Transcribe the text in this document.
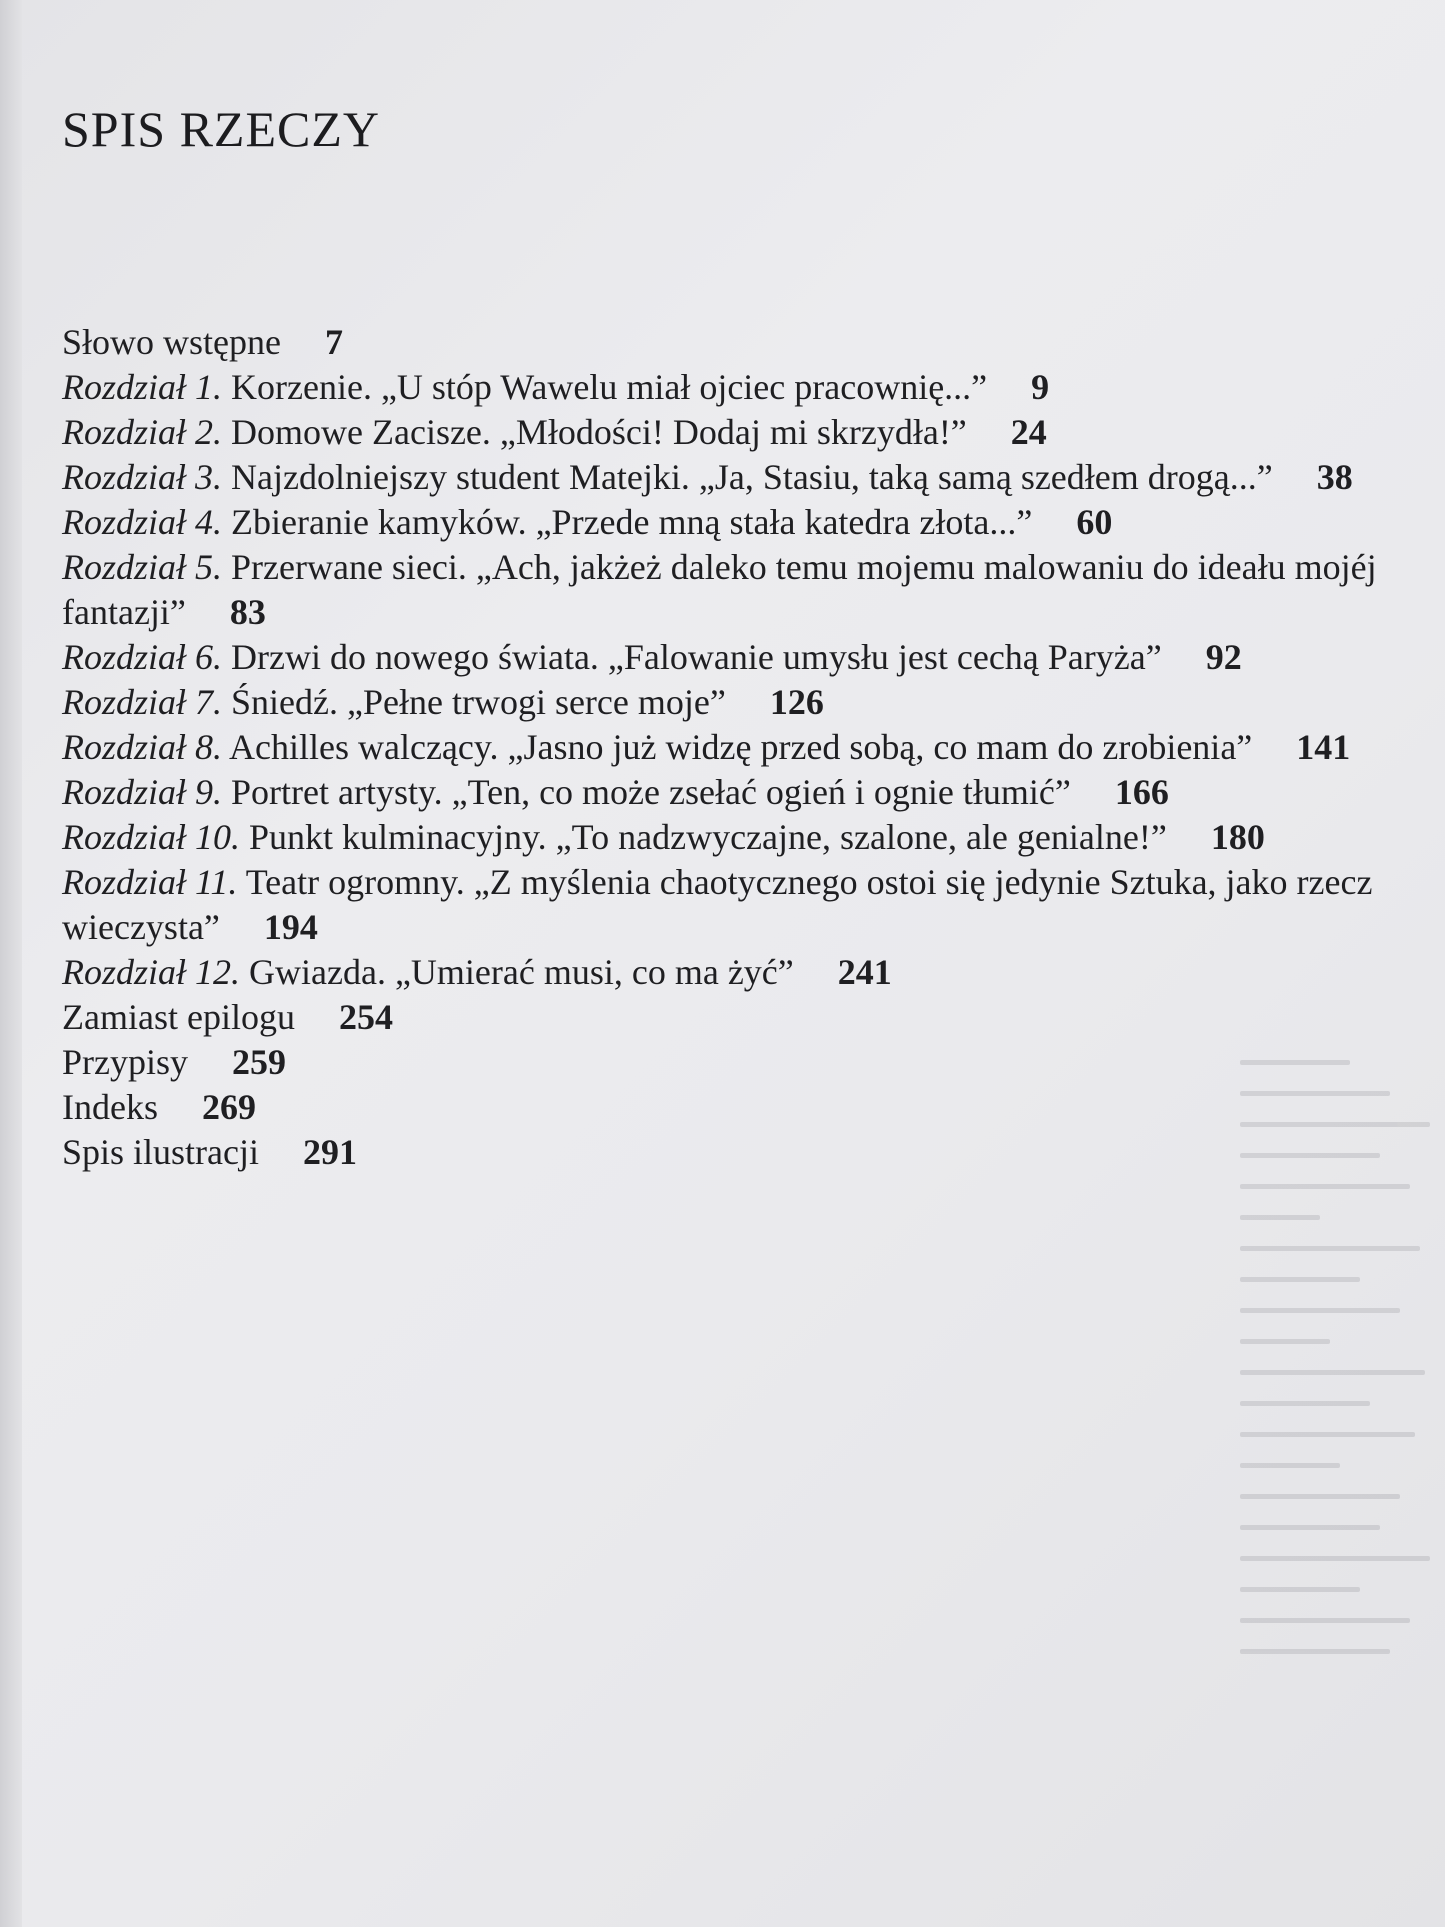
SPIS RZECZY
Słowo wstępne 7
Rozdział 1. Korzenie. „U stóp Wawelu miał ojciec pracownię...” 9
Rozdział 2. Domowe Zacisze. „Młodości! Dodaj mi skrzydła!” 24
Rozdział 3. Najzdolniejszy student Matejki. „Ja, Stasiu, taką samą szedłem drogą...” 38
Rozdział 4. Zbieranie kamyków. „Przede mną stała katedra złota...” 60
Rozdział 5. Przerwane sieci. „Ach, jakżeż daleko temu mojemu malowaniu do ideału mojéj fantazji” 83
Rozdział 6. Drzwi do nowego świata. „Falowanie umysłu jest cechą Paryża” 92
Rozdział 7. Śniedź. „Pełne trwogi serce moje” 126
Rozdział 8. Achilles walczący. „Jasno już widzę przed sobą, co mam do zrobienia” 141
Rozdział 9. Portret artysty. „Ten, co może zsełać ogień i ognie tłumić” 166
Rozdział 10. Punkt kulminacyjny. „To nadzwyczajne, szalone, ale genialne!” 180
Rozdział 11. Teatr ogromny. „Z myślenia chaotycznego ostoi się jedynie Sztuka, jako rzecz wieczysta” 194
Rozdział 12. Gwiazda. „Umierać musi, co ma żyć” 241
Zamiast epilogu 254
Przypisy 259
Indeks 269
Spis ilustracji 291
